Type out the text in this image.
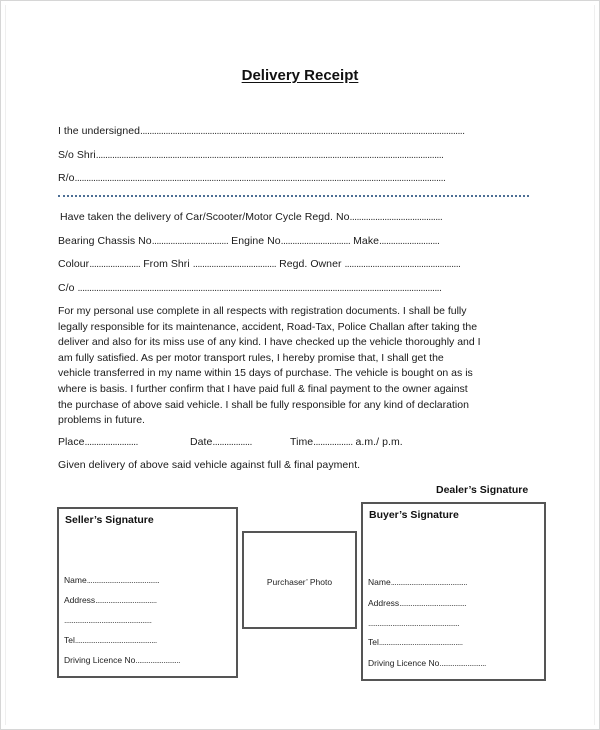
Delivery Receipt
I the undersigned............................................................................................................................................
S/o Shri......................................................................................................................................................
R/o................................................................................................................................................................
Have taken the delivery of Car/Scooter/Motor Cycle Regd. No........................................
Bearing Chassis No................................. Engine No.............................. Make..........................
Colour...................... From Shri .................................... Regd. Owner ..................................................
C/o .............................................................................................................................................................
For my personal use complete in all respects with registration documents. I shall be fully
legally responsible for its maintenance, accident, Road-Tax, Police Challan after taking the
deliver and also for its miss use of any kind. I have checked up the vehicle thoroughly and I
am fully satisfied. As per motor transport rules, I hereby promise that, I shall get the
vehicle transferred in my name within 15 days of purchase. The vehicle is bought on as is
where is basis. I further confirm that I have paid full & final payment to the owner against
the purchase of above said vehicle. I shall be fully responsible for any kind of declaration
problems in future.
Place.......................	Date.................	Time................. a.m./ p.m.
Given delivery of above said vehicle against full & final payment.
Dealer’s Signature
Seller’s Signature
Name.......................................
Address.................................
...............................................
Tel............................................
Driving Licence No........................
Purchaser’ Photo
Buyer’s Signature
Name.........................................
Address....................................
.................................................
Tel.............................................
Driving Licence No.........................
